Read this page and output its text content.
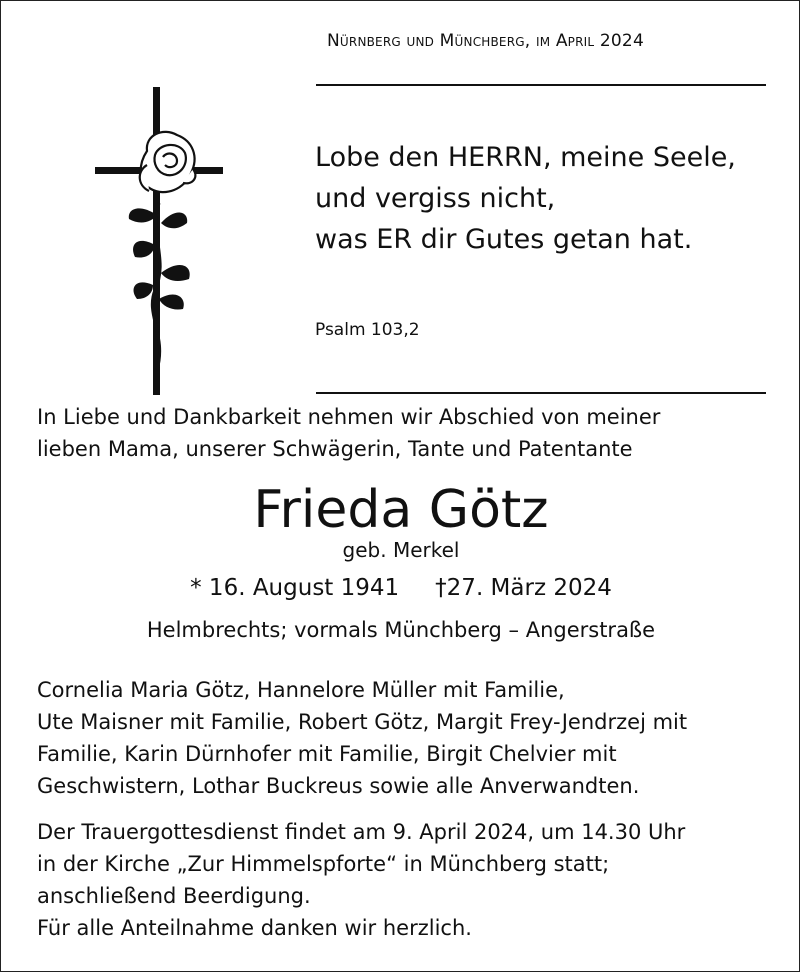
Nürnberg und Münchberg, im April 2024
Lobe den HERRN, meine Seele,
und vergiss nicht,
was ER dir Gutes getan hat.
Psalm 103,2
In Liebe und Dankbarkeit nehmen wir Abschied von meiner
lieben Mama, unserer Schwägerin, Tante und Patentante
Frieda Götz
geb. Merkel
* 16. August 1941 †27. März 2024
Helmbrechts; vormals Münchberg – Angerstraße
Cornelia Maria Götz, Hannelore Müller mit Familie,
Ute Maisner mit Familie, Robert Götz, Margit Frey-Jendrzej mit
Familie, Karin Dürnhofer mit Familie, Birgit Chelvier mit
Geschwistern, Lothar Buckreus sowie alle Anverwandten.
Der Trauergottesdienst findet am 9. April 2024, um 14.30 Uhr
in der Kirche „Zur Himmelspforte“ in Münchberg statt;
anschließend Beerdigung.
Für alle Anteilnahme danken wir herzlich.
